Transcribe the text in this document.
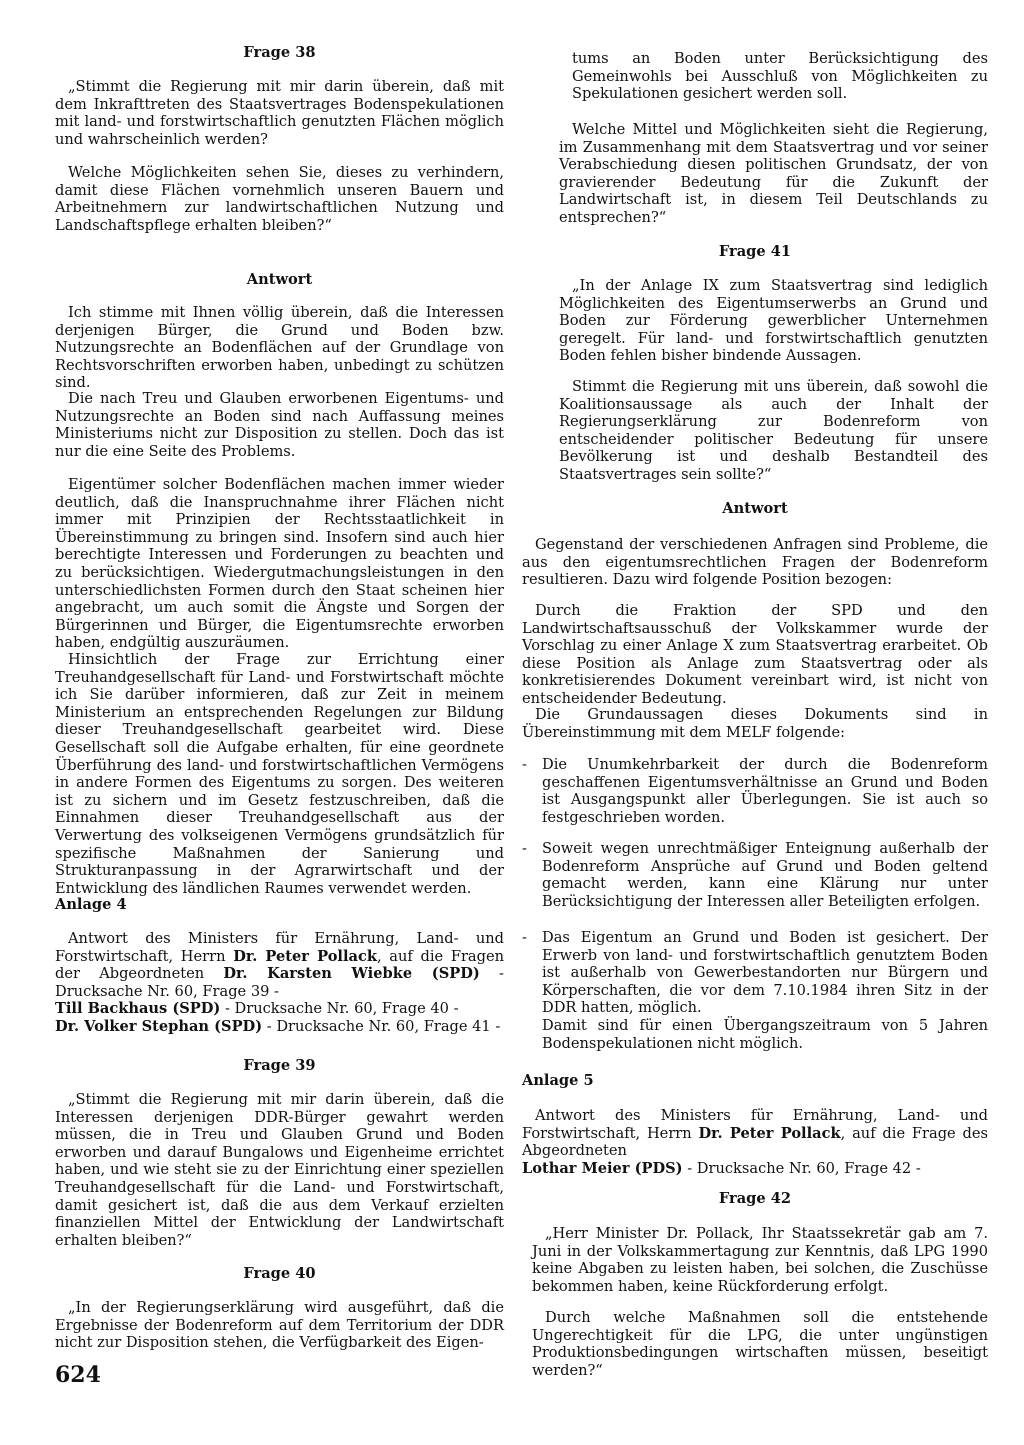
Frage 38

„Stimmt die Regierung mit mir darin überein, daß mit dem Inkrafttreten des Staatsvertrages Bodenspekulationen mit land- und forstwirtschaftlich genutzten Flächen möglich und wahrscheinlich werden?

Welche Möglichkeiten sehen Sie, dieses zu verhindern, damit diese Flächen vornehmlich unseren Bauern und Arbeitnehmern zur landwirtschaftlichen Nutzung und Landschaftspflege erhalten bleiben?“

Antwort

Ich stimme mit Ihnen völlig überein, daß die Interessen derjenigen Bürger, die Grund und Boden bzw. Nutzungsrechte an Bodenflächen auf der Grundlage von Rechtsvorschriften erworben haben, unbedingt zu schützen sind.

Die nach Treu und Glauben erworbenen Eigentums- und Nutzungsrechte an Boden sind nach Auffassung meines Ministeriums nicht zur Disposition zu stellen. Doch das ist nur die eine Seite des Problems.

Eigentümer solcher Bodenflächen machen immer wieder deutlich, daß die Inanspruchnahme ihrer Flächen nicht immer mit Prinzipien der Rechtsstaatlichkeit in Übereinstimmung zu bringen sind. Insofern sind auch hier berechtigte Interessen und Forderungen zu beachten und zu berücksichtigen. Wiedergutmachungsleistungen in den unterschiedlichsten Formen durch den Staat scheinen hier angebracht, um auch somit die Ängste und Sorgen der Bürgerinnen und Bürger, die Eigentumsrechte erworben haben, endgültig auszuräumen.

Hinsichtlich der Frage zur Errichtung einer Treuhandgesellschaft für Land- und Forstwirtschaft möchte ich Sie darüber informieren, daß zur Zeit in meinem Ministerium an entsprechenden Regelungen zur Bildung dieser Treuhandgesellschaft gearbeitet wird. Diese Gesellschaft soll die Aufgabe erhalten, für eine geordnete Überführung des land- und forstwirtschaftlichen Vermögens in andere Formen des Eigentums zu sorgen. Des weiteren ist zu sichern und im Gesetz festzuschreiben, daß die Einnahmen dieser Treuhandgesellschaft aus der Verwertung des volkseigenen Vermögens grundsätzlich für spezifische Maßnahmen der Sanierung und Strukturanpassung in der Agrarwirtschaft und der Entwicklung des ländlichen Raumes verwendet werden.

Anlage 4

Antwort des Ministers für Ernährung, Land- und Forstwirtschaft, Herrn Dr. Peter Pollack, auf die Fragen der Abgeordneten Dr. Karsten Wiebke (SPD) - Drucksache Nr. 60, Frage 39 -
Till Backhaus (SPD) - Drucksache Nr. 60, Frage 40 -
Dr. Volker Stephan (SPD) - Drucksache Nr. 60, Frage 41 -

Frage 39

„Stimmt die Regierung mit mir darin überein, daß die Interessen derjenigen DDR-Bürger gewahrt werden müssen, die in Treu und Glauben Grund und Boden erworben und darauf Bungalows und Eigenheime errichtet haben, und wie steht sie zu der Einrichtung einer speziellen Treuhandgesellschaft für die Land- und Forstwirtschaft, damit gesichert ist, daß die aus dem Verkauf erzielten finanziellen Mittel der Entwicklung der Landwirtschaft erhalten bleiben?“

Frage 40

„In der Regierungserklärung wird ausgeführt, daß die Ergebnisse der Bodenreform auf dem Territorium der DDR nicht zur Disposition stehen, die Verfügbarkeit des Eigen-

624

tums an Boden unter Berücksichtigung des Gemeinwohls bei Ausschluß von Möglichkeiten zu Spekulationen gesichert werden soll.

Welche Mittel und Möglichkeiten sieht die Regierung, im Zusammenhang mit dem Staatsvertrag und vor seiner Verabschiedung diesen politischen Grundsatz, der von gravierender Bedeutung für die Zukunft der Landwirtschaft ist, in diesem Teil Deutschlands zu entsprechen?“

Frage 41

„In der Anlage IX zum Staatsvertrag sind lediglich Möglichkeiten des Eigentumserwerbs an Grund und Boden zur Förderung gewerblicher Unternehmen geregelt. Für land- und forstwirtschaftlich genutzten Boden fehlen bisher bindende Aussagen.

Stimmt die Regierung mit uns überein, daß sowohl die Koalitionsaussage als auch der Inhalt der Regierungserklärung zur Bodenreform von entscheidender politischer Bedeutung für unsere Bevölkerung ist und deshalb Bestandteil des Staatsvertrages sein sollte?“

Antwort

Gegenstand der verschiedenen Anfragen sind Probleme, die aus den eigentumsrechtlichen Fragen der Bodenreform resultieren. Dazu wird folgende Position bezogen:

Durch die Fraktion der SPD und den Landwirtschaftsausschuß der Volkskammer wurde der Vorschlag zu einer Anlage X zum Staatsvertrag erarbeitet. Ob diese Position als Anlage zum Staatsvertrag oder als konkretisierendes Dokument vereinbart wird, ist nicht von entscheidender Bedeutung.

Die Grundaussagen dieses Dokuments sind in Übereinstimmung mit dem MELF folgende:

- Die Unumkehrbarkeit der durch die Bodenreform geschaffenen Eigentumsverhältnisse an Grund und Boden ist Ausgangspunkt aller Überlegungen. Sie ist auch so festgeschrieben worden.

- Soweit wegen unrechtmäßiger Enteignung außerhalb der Bodenreform Ansprüche auf Grund und Boden geltend gemacht werden, kann eine Klärung nur unter Berücksichtigung der Interessen aller Beteiligten erfolgen.

- Das Eigentum an Grund und Boden ist gesichert. Der Erwerb von land- und forstwirtschaftlich genutztem Boden ist außerhalb von Gewerbestandorten nur Bürgern und Körperschaften, die vor dem 7.10.1984 ihren Sitz in der DDR hatten, möglich.
Damit sind für einen Übergangszeitraum von 5 Jahren Bodenspekulationen nicht möglich.

Anlage 5

Antwort des Ministers für Ernährung, Land- und Forstwirtschaft, Herrn Dr. Peter Pollack, auf die Frage des Abgeordneten
Lothar Meier (PDS) - Drucksache Nr. 60, Frage 42 -

Frage 42

„Herr Minister Dr. Pollack, Ihr Staatssekretär gab am 7. Juni in der Volkskammertagung zur Kenntnis, daß LPG 1990 keine Abgaben zu leisten haben, bei solchen, die Zuschüsse bekommen haben, keine Rückforderung erfolgt.

Durch welche Maßnahmen soll die entstehende Ungerechtigkeit für die LPG, die unter ungünstigen Produktionsbedingungen wirtschaften müssen, beseitigt werden?“
